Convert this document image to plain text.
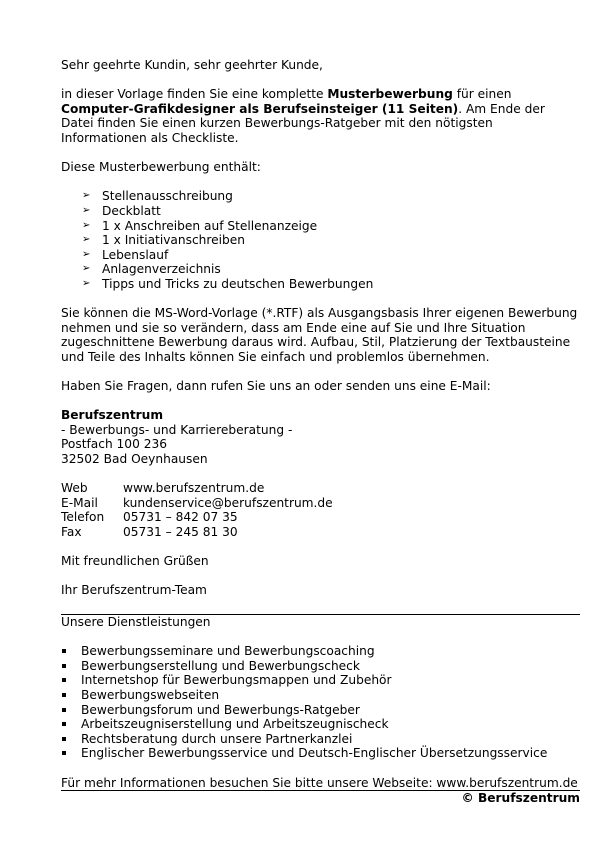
Sehr geehrte Kundin, sehr geehrter Kunde,

in dieser Vorlage finden Sie eine komplette Musterbewerbung für einen Computer-Grafikdesigner als Berufseinsteiger (11 Seiten). Am Ende der Datei finden Sie einen kurzen Bewerbungs-Ratgeber mit den nötigsten Informationen als Checkliste.

Diese Musterbewerbung enthält:

➢ Stellenausschreibung
➢ Deckblatt
➢ 1 x Anschreiben auf Stellenanzeige
➢ 1 x Initiativanschreiben
➢ Lebenslauf
➢ Anlagenverzeichnis
➢ Tipps und Tricks zu deutschen Bewerbungen

Sie können die MS-Word-Vorlage (*.RTF) als Ausgangsbasis Ihrer eigenen Bewerbung nehmen und sie so verändern, dass am Ende eine auf Sie und Ihre Situation zugeschnittene Bewerbung daraus wird. Aufbau, Stil, Platzierung der Textbausteine und Teile des Inhalts können Sie einfach und problemlos übernehmen.

Haben Sie Fragen, dann rufen Sie uns an oder senden uns eine E-Mail:

Berufszentrum

- Bewerbungs- und Karriereberatung -

Postfach 100 236

32502 Bad Oeynhausen

Web	www.berufszentrum.de
E-Mail	kundenservice@berufszentrum.de
Telefon	05731 – 842 07 35
Fax	05731 – 245 81 30

Mit freundlichen Grüßen

Ihr Berufszentrum-Team

Unsere Dienstleistungen

Bewerbungsseminare und Bewerbungscoaching
Bewerbungserstellung und Bewerbungscheck
Internetshop für Bewerbungsmappen und Zubehör
Bewerbungswebseiten
Bewerbungsforum und Bewerbungs-Ratgeber
Arbeitszeugniserstellung und Arbeitszeugnischeck
Rechtsberatung durch unsere Partnerkanzlei
Englischer Bewerbungsservice und Deutsch-Englischer Übersetzungsservice

Für mehr Informationen besuchen Sie bitte unsere Webseite: www.berufszentrum.de

© Berufszentrum
